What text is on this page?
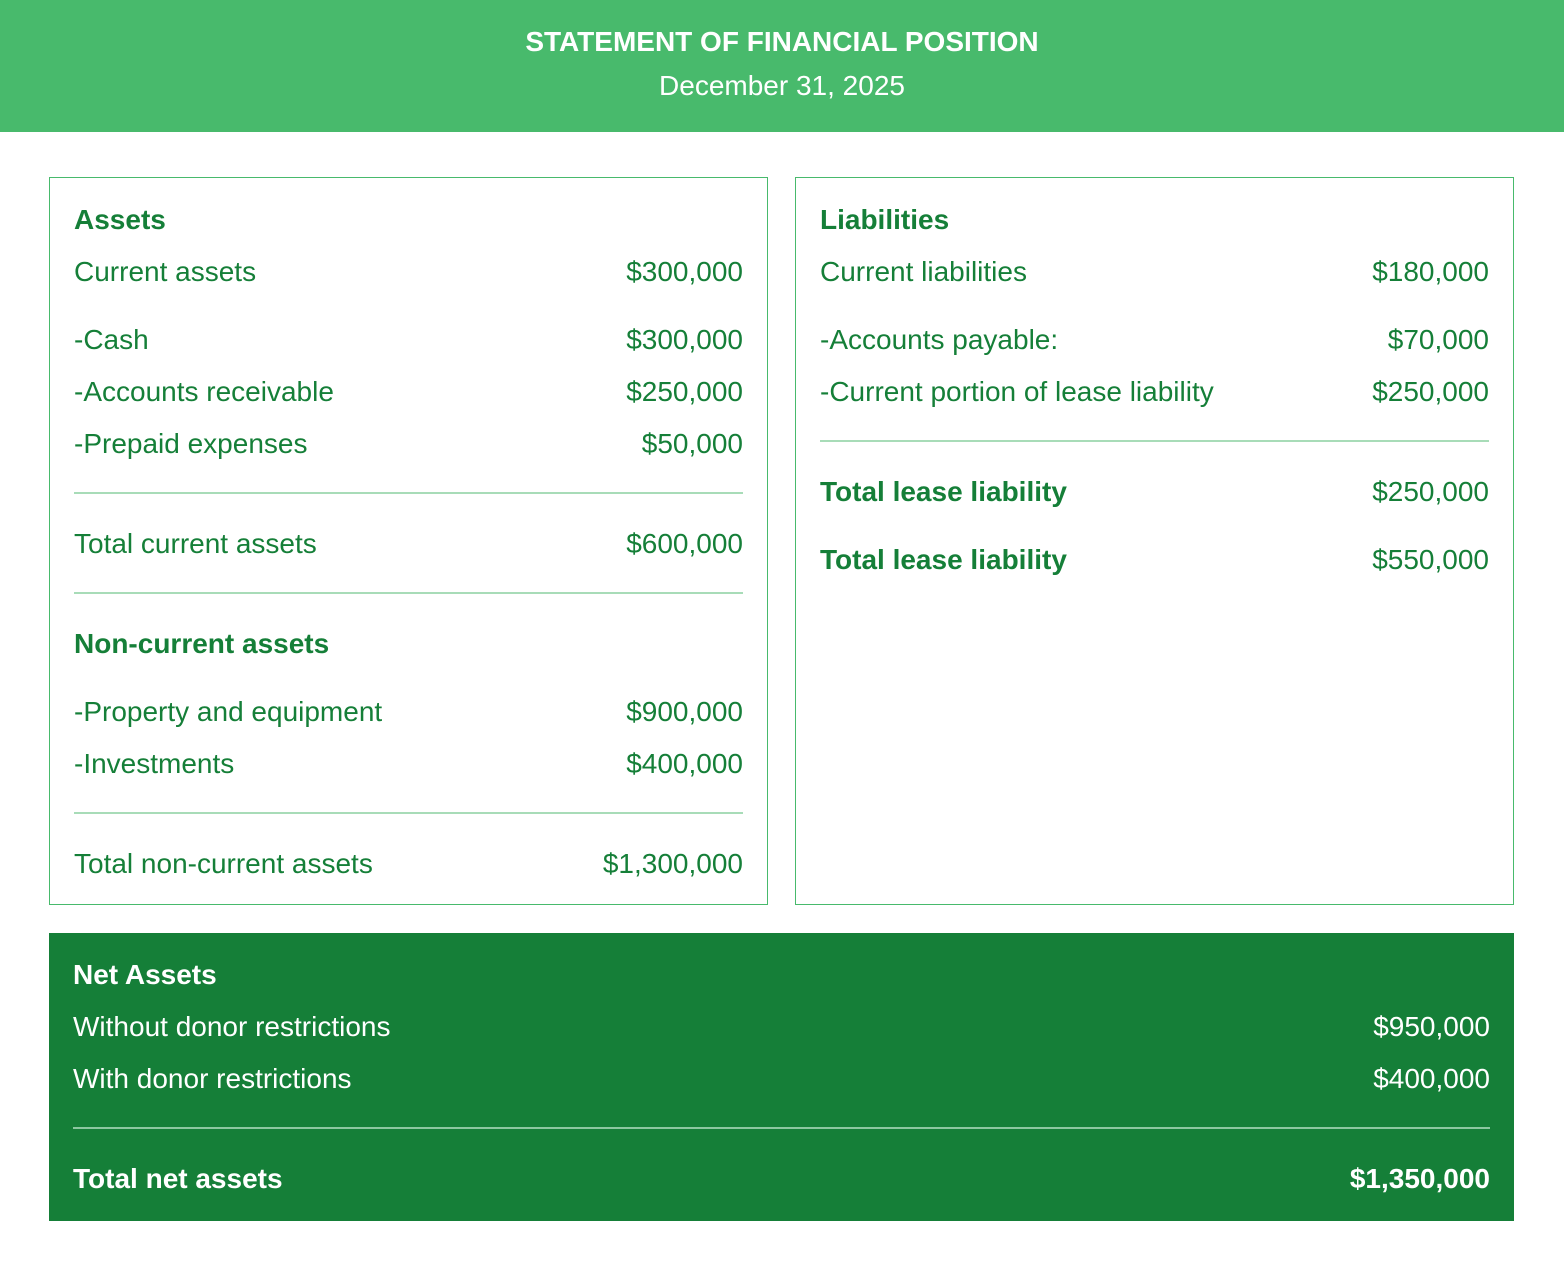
STATEMENT OF FINANCIAL POSITION
December 31, 2025
Assets
Current assets	$300,000
-Cash	$300,000
-Accounts receivable	$250,000
-Prepaid expenses	$50,000
Total current assets	$600,000
Non-current assets
-Property and equipment	$900,000
-Investments	$400,000
Total non-current assets	$1,300,000
Liabilities
Current liabilities	$180,000
-Accounts payable:	$70,000
-Current portion of lease liability	$250,000
Total lease liability	$250,000
Total lease liability	$550,000
Net Assets
Without donor restrictions	$950,000
With donor restrictions	$400,000
Total net assets	$1,350,000
